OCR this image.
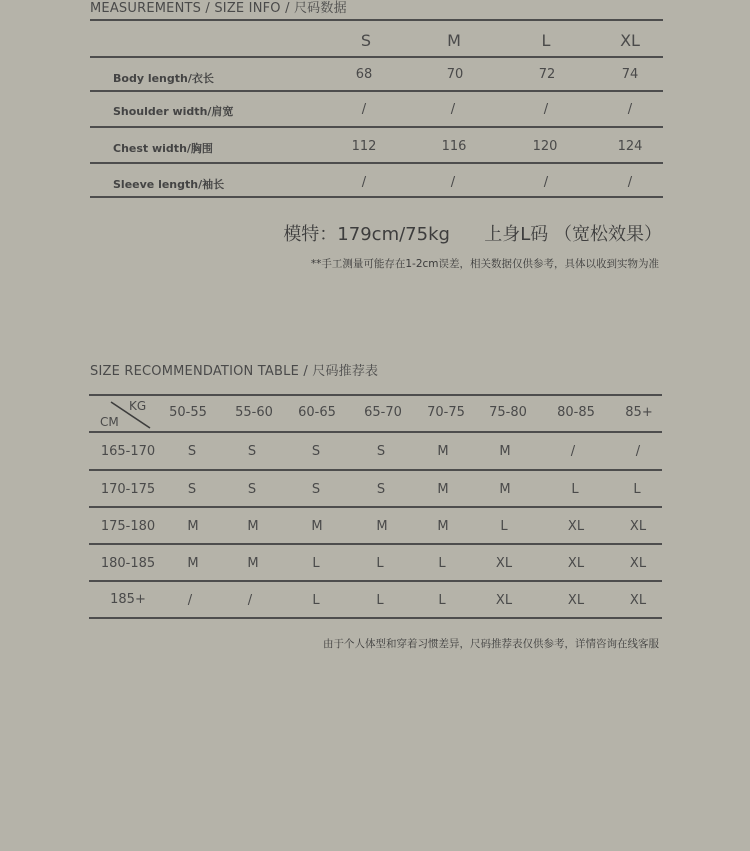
MEASUREMENTS / SIZE INFO / 尺码数据
S	M	L	XL
Body length/衣长	68	70	72	74
Shoulder width/肩宽	/	/	/	/
Chest width/胸围	112	116	120	124
Sleeve length/袖长	/	/	/	/
模特：179cm/75kg      上身L码 （宽松效果）
**手工测量可能存在1-2cm误差，相关数据仅供参考，具体以收到实物为准
SIZE RECOMMENDATION TABLE / 尺码推荐表
KG
CM
50-55	55-60	60-65	65-70	70-75	75-80	80-85	85+
165-170	S	S	S	S	M	M	/	/
170-175	S	S	S	S	M	M	L	L
175-180	M	M	M	M	M	L	XL	XL
180-185	M	M	L	L	L	XL	XL	XL
185+	/	/	L	L	L	XL	XL	XL
由于个人体型和穿着习惯差异，尺码推荐表仅供参考，详情咨询在线客服
